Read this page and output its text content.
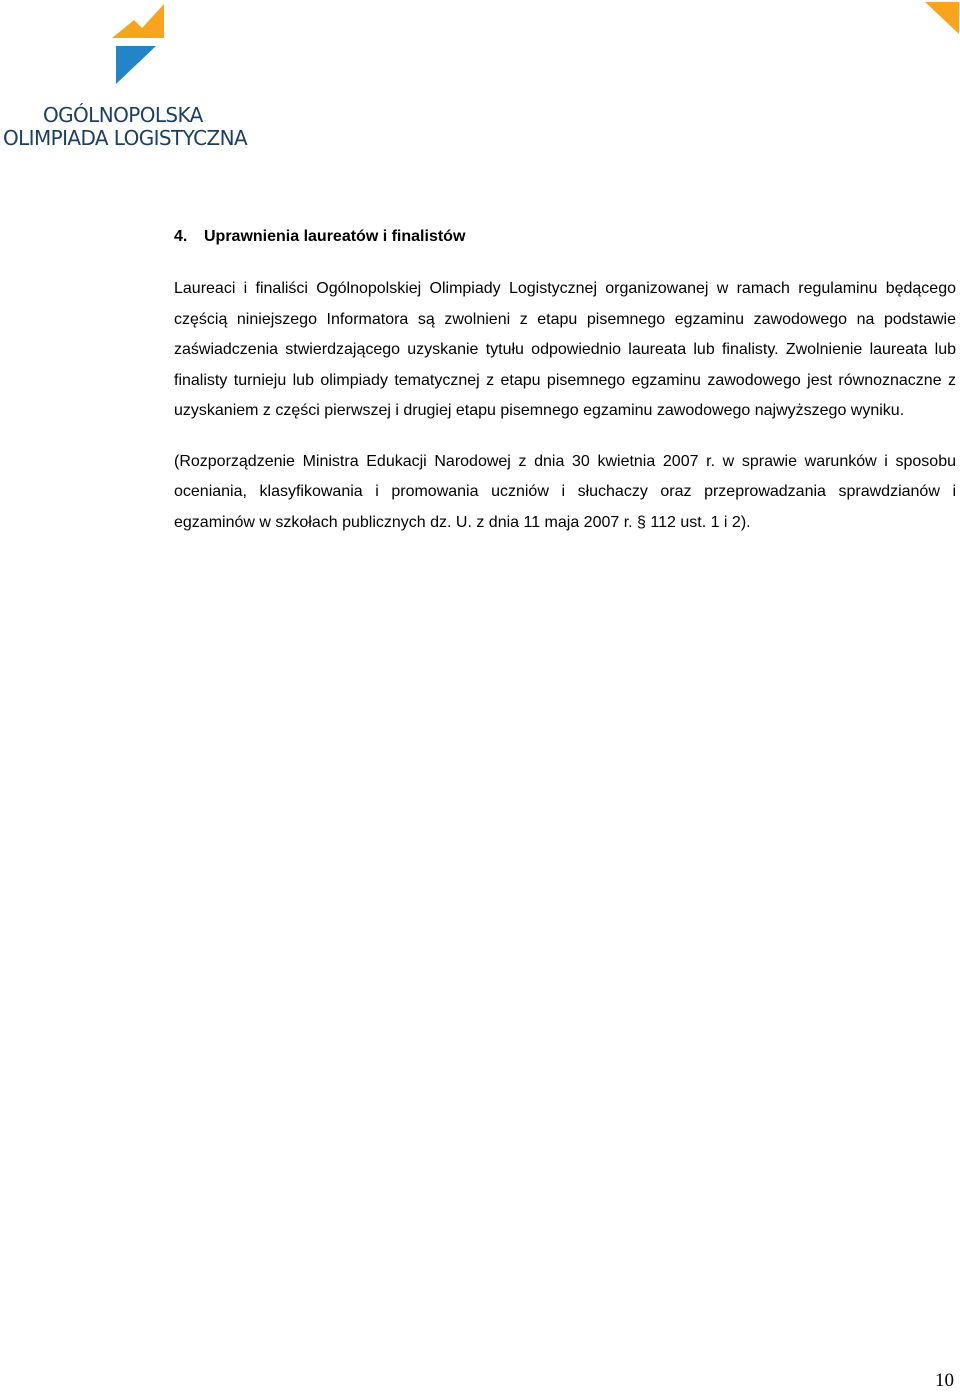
OGÓLNOPOLSKA
OLIMPIADA LOGISTYCZNA
4. Uprawnienia laureatów i finalistów

Laureaci i finaliści Ogólnopolskiej Olimpiady Logistycznej organizowanej w ramach regulaminu będącego częścią niniejszego Informatora są zwolnieni z etapu pisemnego egzaminu zawodowego na podstawie zaświadczenia stwierdzającego uzyskanie tytułu odpowiednio laureata lub finalisty. Zwolnienie laureata lub finalisty turnieju lub olimpiady tematycznej z etapu pisemnego egzaminu zawodowego jest równoznaczne z uzyskaniem z części pierwszej i drugiej etapu pisemnego egzaminu zawodowego najwyższego wyniku.

(Rozporządzenie Ministra Edukacji Narodowej z dnia 30 kwietnia 2007 r. w sprawie warunków i sposobu oceniania, klasyfikowania i promowania uczniów i słuchaczy oraz przeprowadzania sprawdzianów i egzaminów w szkołach publicznych dz. U. z dnia 11 maja 2007 r. § 112 ust. 1 i 2).

10
